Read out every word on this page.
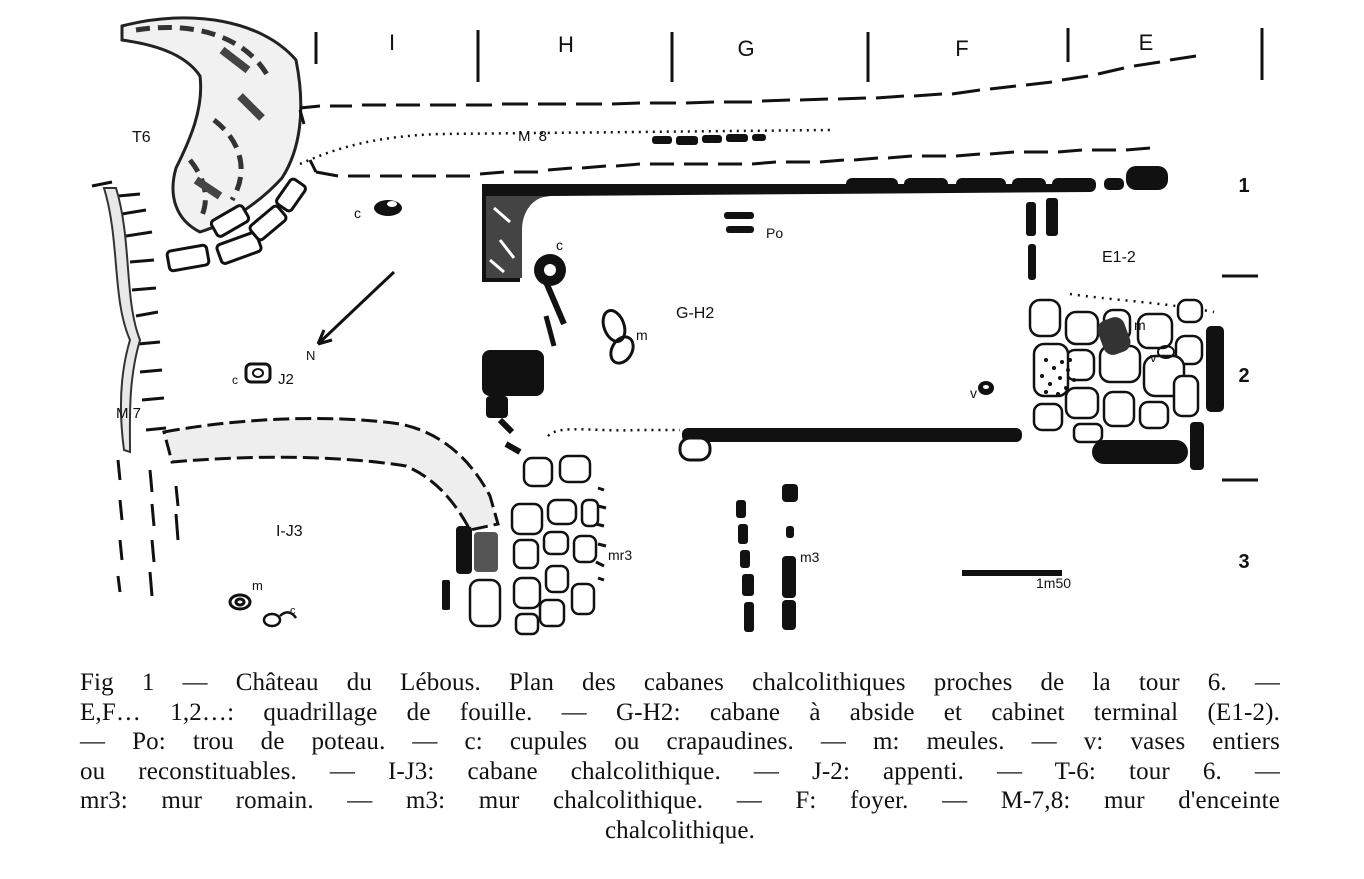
I	H	G	F	E
1
2
3
T6	M 8
M 7
c
c
Po
G-H2
E1-2
m
m
v
v
N
c	J2
I-J3
m
c
mr3	m3
1m50
Fig 1 — Château du Lébous. Plan des cabanes chalcolithiques proches de la tour 6. —
E,F… 1,2…: quadrillage de fouille. — G-H2: cabane à abside et cabinet terminal (E1-2).
— Po: trou de poteau. — c: cupules ou crapaudines. — m: meules. — v: vases entiers
ou reconstituables. — I-J3: cabane chalcolithique. — J-2: appenti. — T-6: tour 6. —
mr3: mur romain. — m3: mur chalcolithique. — F: foyer. — M-7,8: mur d'enceinte
chalcolithique.
